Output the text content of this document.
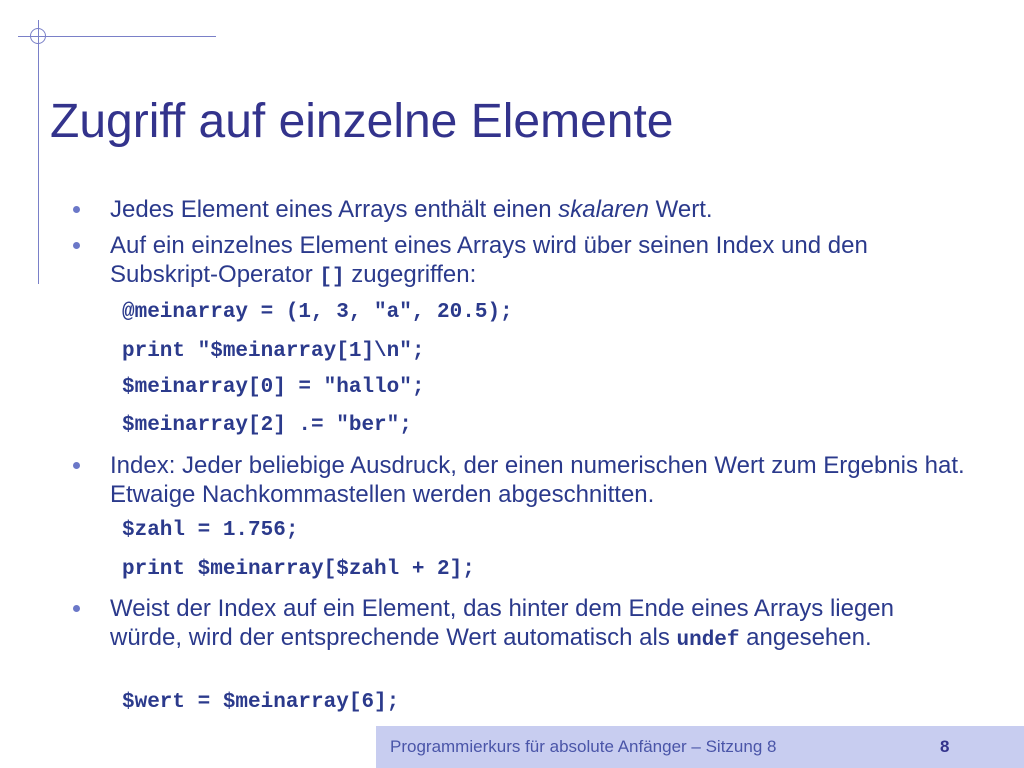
Zugriff auf einzelne Elemente
Jedes Element eines Arrays enthält einen skalaren Wert.
Auf ein einzelnes Element eines Arrays wird über seinen Index und den Subskript-Operator [] zugegriffen:
@meinarray = (1, 3, "a", 20.5);
print "$meinarray[1]\n";
$meinarray[0] = "hallo";
$meinarray[2] .= "ber";
Index: Jeder beliebige Ausdruck, der einen numerischen Wert zum Ergebnis hat. Etwaige Nachkommastellen werden abgeschnitten.
$zahl = 1.756;
print $meinarray[$zahl + 2];
Weist der Index auf ein Element, das hinter dem Ende eines Arrays liegen würde, wird der entsprechende Wert automatisch als undef angesehen.
$wert = $meinarray[6];
Programmierkurs für absolute Anfänger – Sitzung 8	8
